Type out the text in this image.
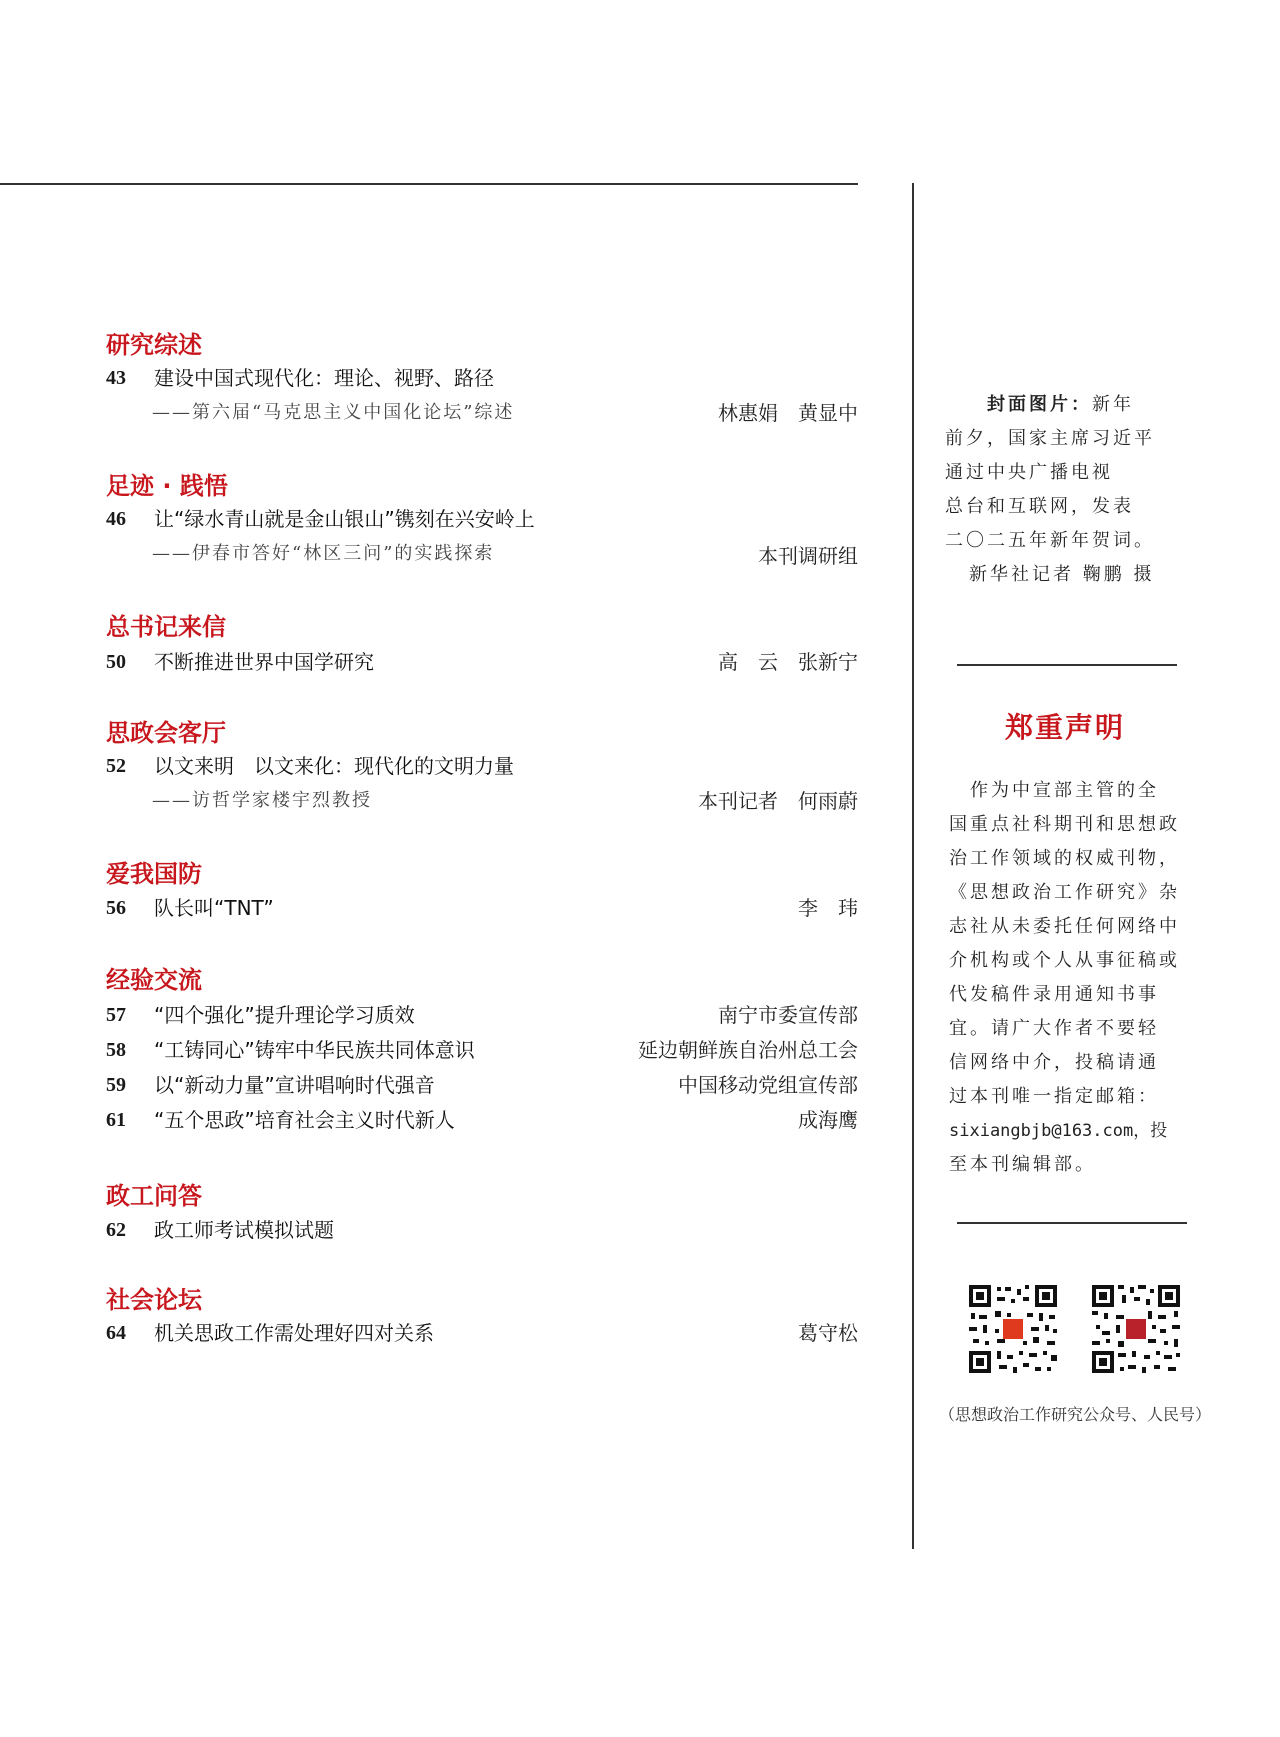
研究综述
43	建设中国式现代化：理论、视野、路径
——第六届“马克思主义中国化论坛”综述	林惠娟　黄显中
足迹 · 践悟
46	让“绿水青山就是金山银山”镌刻在兴安岭上
——伊春市答好“林区三问”的实践探索	本刊调研组
总书记来信
50	不断推进世界中国学研究	高　云　张新宁
思政会客厅
52	以文来明　以文来化：现代化的文明力量
——访哲学家楼宇烈教授	本刊记者　何雨蔚
爱我国防
56	队长叫“TNT”	李　玮
经验交流
57	“四个强化”提升理论学习质效	南宁市委宣传部
58	“工铸同心”铸牢中华民族共同体意识	延边朝鲜族自治州总工会
59	以“新动力量”宣讲唱响时代强音	中国移动党组宣传部
61	“五个思政”培育社会主义时代新人	成海鹰
政工问答
62	政工师考试模拟试题
社会论坛
64	机关思政工作需处理好四对关系	葛守松
封面图片：新年
前夕，国家主席习近平
通过中央广播电视
总台和互联网，发表
二〇二五年新年贺词。
新华社记者 鞠鹏 摄
郑重声明
　作为中宣部主管的全
国重点社科期刊和思想政
治工作领域的权威刊物，
《思想政治工作研究》杂
志社从未委托任何网络中
介机构或个人从事征稿或
代发稿件录用通知书事
宜。请广大作者不要轻
信网络中介，投稿请通
过本刊唯一指定邮箱：
sixiangbjb@163.com，投
至本刊编辑部。
（思想政治工作研究公众号、人民号）
